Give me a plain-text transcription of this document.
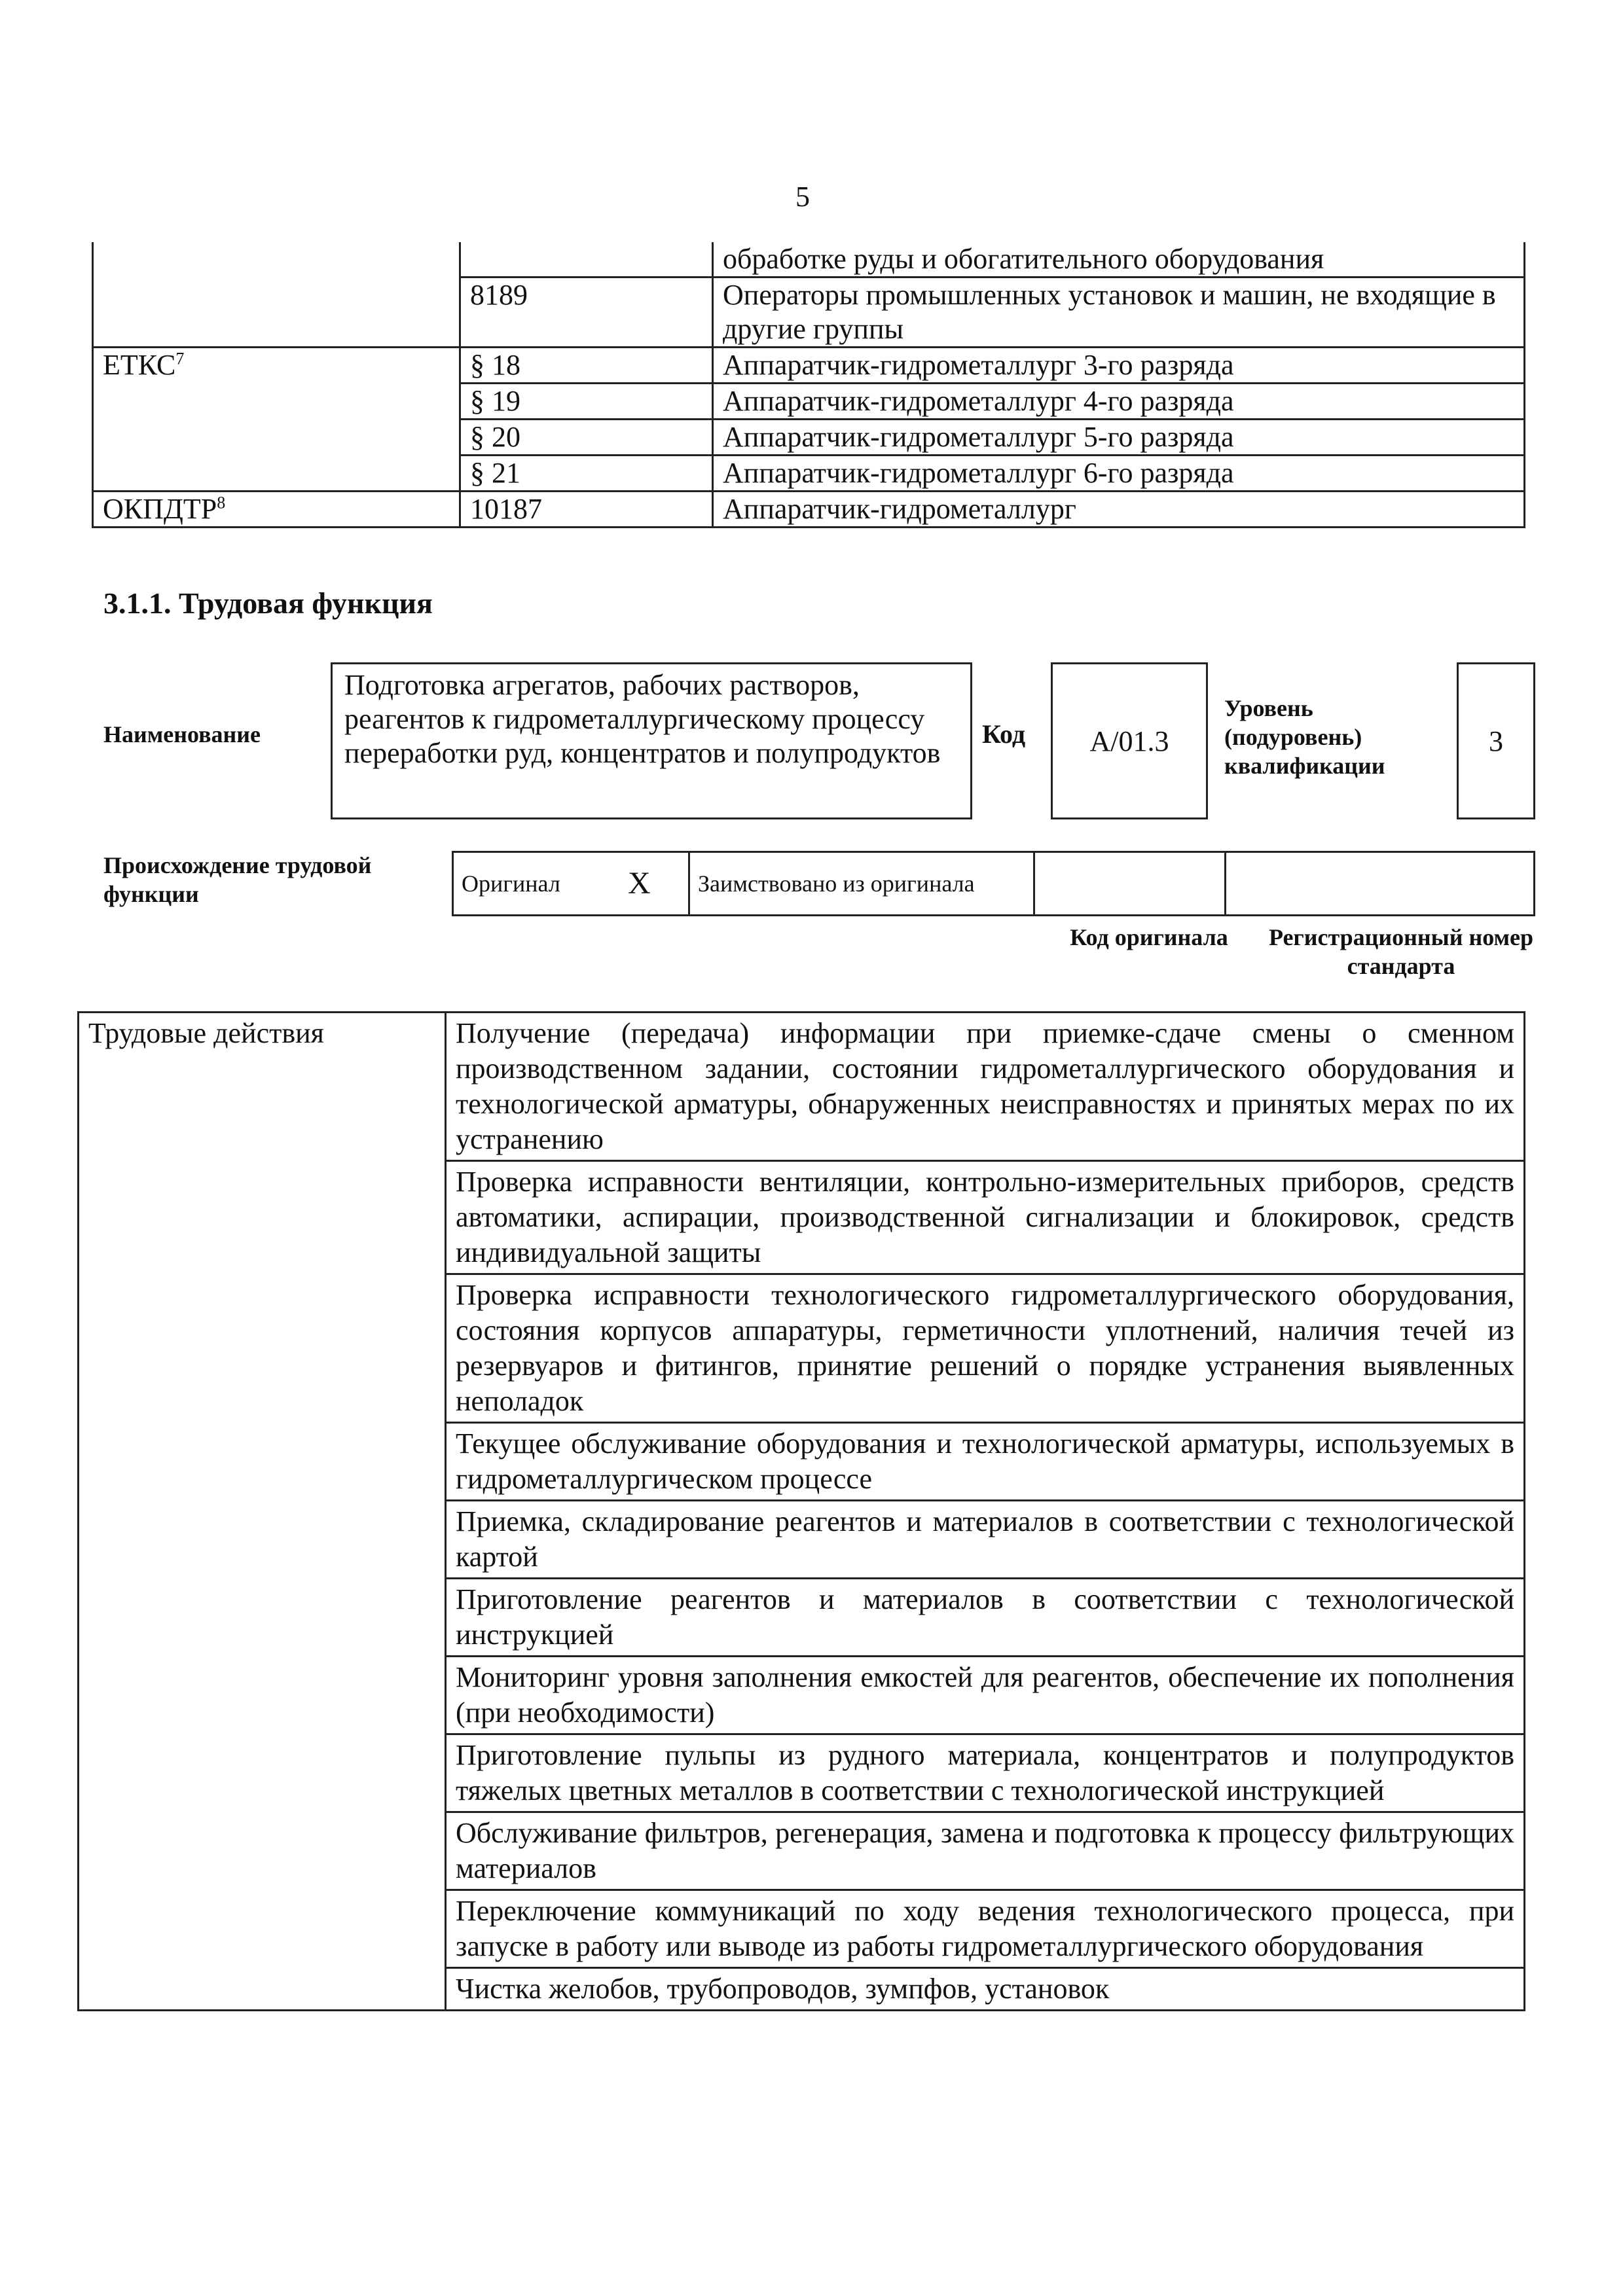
5
		обработке руды и обогатительного оборудования
	8189	Операторы промышленных установок и машин, не входящие в другие группы
ЕТКС$^7$	§ 18	Аппаратчик-гидрометаллург 3-го разряда
	§ 19	Аппаратчик-гидрометаллург 4-го разряда
	§ 20	Аппаратчик-гидрометаллург 5-го разряда
	§ 21	Аппаратчик-гидрометаллург 6-го разряда
ОКПДТР$^8$	10187	Аппаратчик-гидрометаллург
3.1.1. Трудовая функция
Наименование
Подготовка агрегатов, рабочих растворов, реагентов к гидрометаллургическому процессу переработки руд, концентратов и полупродуктов
Код	А/01.3
Уровень (подуровень) квалификации
3
Происхождение трудовой функции	Оригинал	X	Заимствовано из оригинала		
Код оригинала	Регистрационный номер стандарта
Трудовые действия	Получение (передача) информации при приемке-сдаче смены о сменном производственном задании, состоянии гидрометаллургического оборудования и технологической арматуры, обнаруженных неисправностях и принятых мерах по их устранению
Проверка исправности вентиляции, контрольно-измерительных приборов, средств автоматики, аспирации, производственной сигнализации и блокировок, средств индивидуальной защиты
Проверка исправности технологического гидрометаллургического оборудования, состояния корпусов аппаратуры, герметичности уплотнений, наличия течей из резервуаров и фитингов, принятие решений о порядке устранения выявленных неполадок
Текущее обслуживание оборудования и технологической арматуры, используемых в гидрометаллургическом процессе
Приемка, складирование реагентов и материалов в соответствии с технологической картой
Приготовление реагентов и материалов в соответствии с технологической инструкцией
Мониторинг уровня заполнения емкостей для реагентов, обеспечение их пополнения (при необходимости)
Приготовление пульпы из рудного материала, концентратов и полупродуктов тяжелых цветных металлов в соответствии с технологической инструкцией
Обслуживание фильтров, регенерация, замена и подготовка к процессу фильтрующих материалов
Переключение коммуникаций по ходу ведения технологического процесса, при запуске в работу или выводе из работы гидрометаллургического оборудования
Чистка желобов, трубопроводов, зумпфов, установок
